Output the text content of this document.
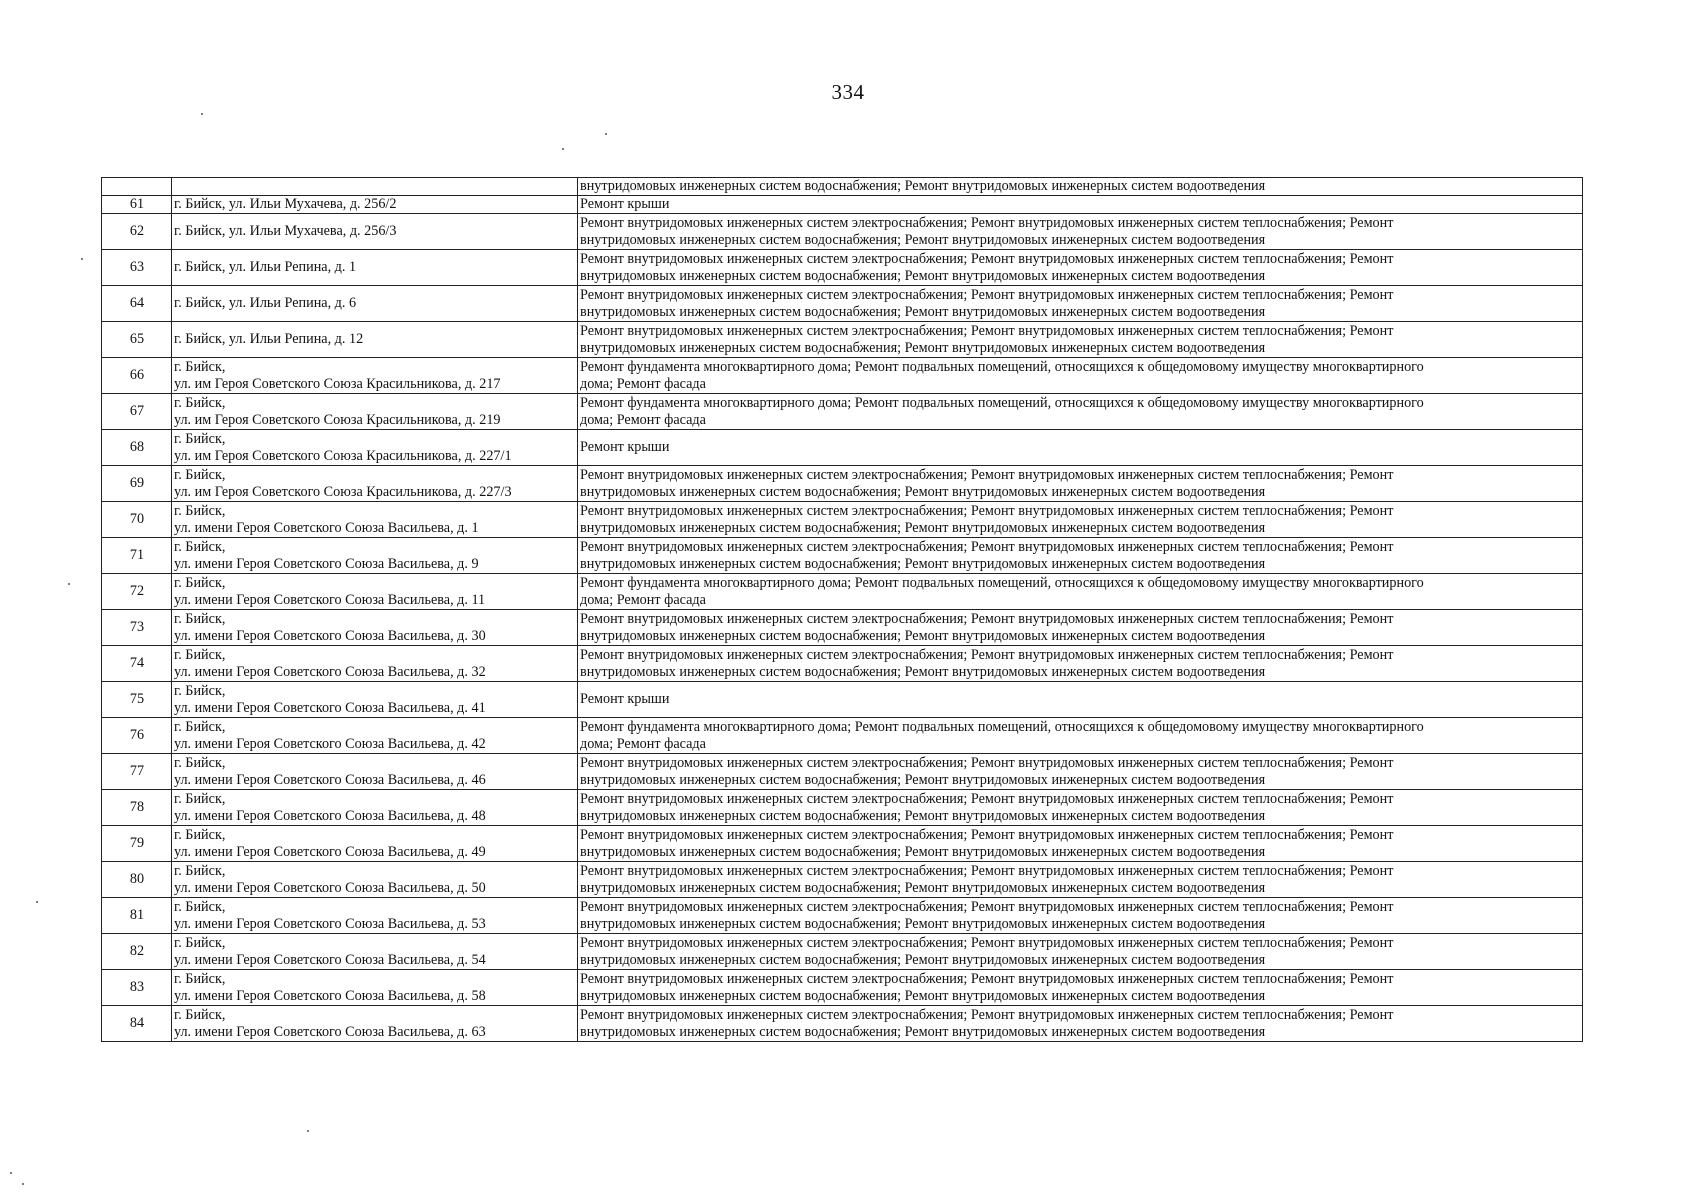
334
		внутридомовых инженерных систем водоснабжения; Ремонт внутридомовых инженерных систем водоотведения
61	г. Бийск, ул. Ильи Мухачева, д. 256/2	Ремонт крыши

62	г. Бийск, ул. Ильи Мухачева, д. 256/3	Ремонт внутридомовых инженерных систем электроснабжения; Ремонт внутридомовых инженерных систем теплоснабжения; Ремонт
внутридомовых инженерных систем водоснабжения; Ремонт внутридомовых инженерных систем водоотведения

63	г. Бийск, ул. Ильи Репина, д. 1	Ремонт внутридомовых инженерных систем электроснабжения; Ремонт внутридомовых инженерных систем теплоснабжения; Ремонт
внутридомовых инженерных систем водоснабжения; Ремонт внутридомовых инженерных систем водоотведения

64	г. Бийск, ул. Ильи Репина, д. 6	Ремонт внутридомовых инженерных систем электроснабжения; Ремонт внутридомовых инженерных систем теплоснабжения; Ремонт
внутридомовых инженерных систем водоснабжения; Ремонт внутридомовых инженерных систем водоотведения

65	г. Бийск, ул. Ильи Репина, д. 12	Ремонт внутридомовых инженерных систем электроснабжения; Ремонт внутридомовых инженерных систем теплоснабжения; Ремонт
внутридомовых инженерных систем водоснабжения; Ремонт внутридомовых инженерных систем водоотведения

66	г. Бийск,
ул. им Героя Советского Союза Красильникова, д. 217	Ремонт фундамента многоквартирного дома; Ремонт подвальных помещений, относящихся к общедомовому имуществу многоквартирного
дома; Ремонт фасада

67	г. Бийск,
ул. им Героя Советского Союза Красильникова, д. 219	Ремонт фундамента многоквартирного дома; Ремонт подвальных помещений, относящихся к общедомовому имуществу многоквартирного
дома; Ремонт фасада

68	г. Бийск,
ул. им Героя Советского Союза Красильникова, д. 227/1	Ремонт крыши

69	г. Бийск,
ул. им Героя Советского Союза Красильникова, д. 227/3	Ремонт внутридомовых инженерных систем электроснабжения; Ремонт внутридомовых инженерных систем теплоснабжения; Ремонт
внутридомовых инженерных систем водоснабжения; Ремонт внутридомовых инженерных систем водоотведения

70	г. Бийск,
ул. имени Героя Советского Союза Васильева, д. 1	Ремонт внутридомовых инженерных систем электроснабжения; Ремонт внутридомовых инженерных систем теплоснабжения; Ремонт
внутридомовых инженерных систем водоснабжения; Ремонт внутридомовых инженерных систем водоотведения

71	г. Бийск,
ул. имени Героя Советского Союза Васильева, д. 9	Ремонт внутридомовых инженерных систем электроснабжения; Ремонт внутридомовых инженерных систем теплоснабжения; Ремонт
внутридомовых инженерных систем водоснабжения; Ремонт внутридомовых инженерных систем водоотведения

72	г. Бийск,
ул. имени Героя Советского Союза Васильева, д. 11	Ремонт фундамента многоквартирного дома; Ремонт подвальных помещений, относящихся к общедомовому имуществу многоквартирного
дома; Ремонт фасада

73	г. Бийск,
ул. имени Героя Советского Союза Васильева, д. 30	Ремонт внутридомовых инженерных систем электроснабжения; Ремонт внутридомовых инженерных систем теплоснабжения; Ремонт
внутридомовых инженерных систем водоснабжения; Ремонт внутридомовых инженерных систем водоотведения

74	г. Бийск,
ул. имени Героя Советского Союза Васильева, д. 32	Ремонт внутридомовых инженерных систем электроснабжения; Ремонт внутридомовых инженерных систем теплоснабжения; Ремонт
внутридомовых инженерных систем водоснабжения; Ремонт внутридомовых инженерных систем водоотведения

75	г. Бийск,
ул. имени Героя Советского Союза Васильева, д. 41	Ремонт крыши

76	г. Бийск,
ул. имени Героя Советского Союза Васильева, д. 42	Ремонт фундамента многоквартирного дома; Ремонт подвальных помещений, относящихся к общедомовому имуществу многоквартирного
дома; Ремонт фасада

77	г. Бийск,
ул. имени Героя Советского Союза Васильева, д. 46	Ремонт внутридомовых инженерных систем электроснабжения; Ремонт внутридомовых инженерных систем теплоснабжения; Ремонт
внутридомовых инженерных систем водоснабжения; Ремонт внутридомовых инженерных систем водоотведения

78	г. Бийск,
ул. имени Героя Советского Союза Васильева, д. 48	Ремонт внутридомовых инженерных систем электроснабжения; Ремонт внутридомовых инженерных систем теплоснабжения; Ремонт
внутридомовых инженерных систем водоснабжения; Ремонт внутридомовых инженерных систем водоотведения

79	г. Бийск,
ул. имени Героя Советского Союза Васильева, д. 49	Ремонт внутридомовых инженерных систем электроснабжения; Ремонт внутридомовых инженерных систем теплоснабжения; Ремонт
внутридомовых инженерных систем водоснабжения; Ремонт внутридомовых инженерных систем водоотведения

80	г. Бийск,
ул. имени Героя Советского Союза Васильева, д. 50	Ремонт внутридомовых инженерных систем электроснабжения; Ремонт внутридомовых инженерных систем теплоснабжения; Ремонт
внутридомовых инженерных систем водоснабжения; Ремонт внутридомовых инженерных систем водоотведения

81	г. Бийск,
ул. имени Героя Советского Союза Васильева, д. 53	Ремонт внутридомовых инженерных систем электроснабжения; Ремонт внутридомовых инженерных систем теплоснабжения; Ремонт
внутридомовых инженерных систем водоснабжения; Ремонт внутридомовых инженерных систем водоотведения

82	г. Бийск,
ул. имени Героя Советского Союза Васильева, д. 54	Ремонт внутридомовых инженерных систем электроснабжения; Ремонт внутридомовых инженерных систем теплоснабжения; Ремонт
внутридомовых инженерных систем водоснабжения; Ремонт внутридомовых инженерных систем водоотведения

83	г. Бийск,
ул. имени Героя Советского Союза Васильева, д. 58	Ремонт внутридомовых инженерных систем электроснабжения; Ремонт внутридомовых инженерных систем теплоснабжения; Ремонт
внутридомовых инженерных систем водоснабжения; Ремонт внутридомовых инженерных систем водоотведения

84	г. Бийск,
ул. имени Героя Советского Союза Васильева, д. 63	Ремонт внутридомовых инженерных систем электроснабжения; Ремонт внутридомовых инженерных систем теплоснабжения; Ремонт
внутридомовых инженерных систем водоснабжения; Ремонт внутридомовых инженерных систем водоотведения
